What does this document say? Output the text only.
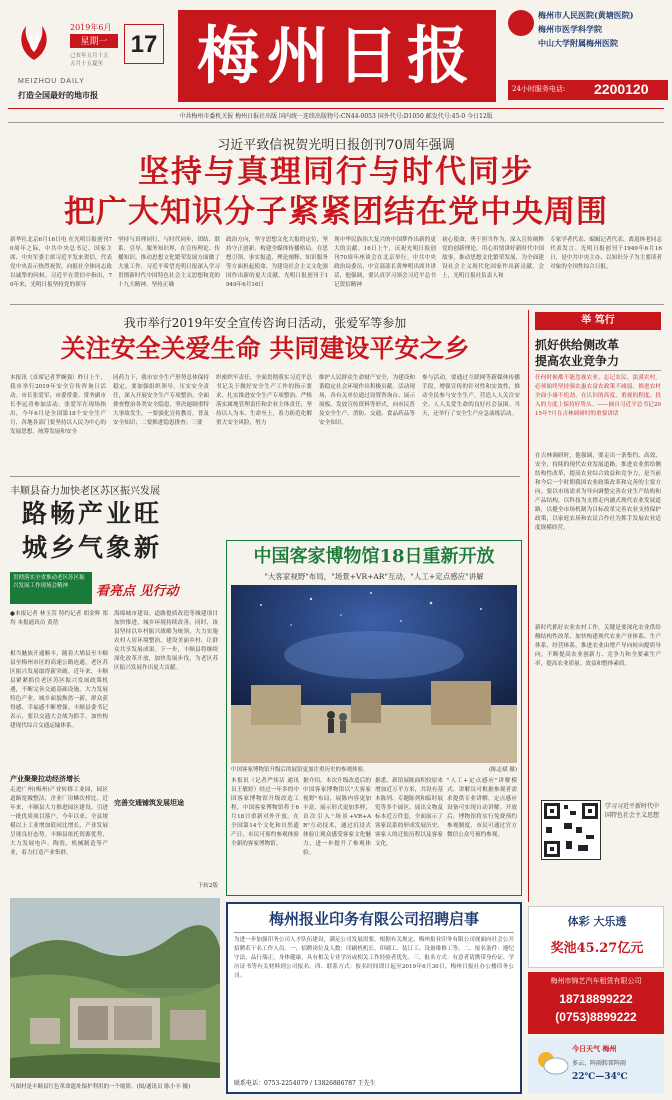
2019年6月
星期一 17
己亥年五月十五
五月十五夏至
MEIZHOU DAILY
打造全国最好的地市报
梅州日报
梅州市人民医院(黄塘医院)
梅州市医学科学院
中山大学附属梅州医院
24小时服务电话: 2200120
中共梅州市委机关报 梅州日报社出版 国内统一连续出版物号:CN44-0053 国外代号:D1050 邮发代号:45-0 今日12版
习近平致信祝贺光明日报创刊70周年强调
坚持与真理同行与时代同步
把广大知识分子紧紧团结在党中央周围
新华社北京6月16日电 在光明日报创刊70周年之际，中共中央总书记、国家主席、中央军委主席习近平发来贺信，代表党中央表示热烈祝贺，向报社全体同志致以诚挚的问候。习近平在贺信中指出，70年来，光明日报坚持党的领导
坚持与真理同行、与时代同步，团结、联系、引导、服务知识界，在宣传理论、传播知识、推动思想文化繁荣发展方面做了大量工作。习近平希望光明日报深入学习贯彻新时代中国特色社会主义思想和党的十九大精神，坚持正确
政治方向，坚守思想文化大报的定位，坚持守正创新，构建全媒体传播格局，在思想引领、事实报道、理论阐释、知识服务等方面担起使命，为建设社会主义文化强国作出新的更大贡献。光明日报创刊于1949年6月16日
现中华民族伟大复兴的中国梦作出新的更大的贡献。16日上午，庆祝光明日报创刊70周年座谈会在北京举行。中共中央政治局委员、中宣部部长黄坤明出席并讲话，他强调，要认真学习领会习近平总书记贺信精神
初心使命，勇于担当作为，深入宣传阐释党的创新理论，用心用情讲好新时代中国故事，推动思想文化繁荣发展，为全面建设社会主义现代化国家作出新贡献。会上，光明日报社负责人和
专家学者代表、编辑记者代表、离退休老同志代表发言。光明日报创刊于1949年6月16日，是中共中央主办、以知识分子为主要读者对象的全国性综合日报。
我市举行2019年安全宣传咨询日活动，张爱军等参加
关注安全关爱生命 共同建设平安之乡
本报讯（首席记者罗婉强）昨日上午，我市举行2019年安全宣传咨询日活动。市长张爱军，市委常委、常务副市长李远青参加活动。张爱军在现场指出，今年6月是全国第18个安全生产月，各地各部门要坚持以人民为中心的发展思想，统筹发展和安全
同药力下，我市安全生产形势总体保持稳定。要加强组织领导，压实安全责任，深入开展安全生产专项整治，全面排查整治各类安全隐患，坚决遏制重特大事故发生。一要强化宣传教育，普及安全知识；二要推进隐患排查；三要
织密织牢责任，全面贯彻落实习近平总书记关于做好安全生产工作的指示要求，扎实推进安全生产专项整治，严格落实属地管理责任和企业主体责任，坚持以人为本、生命至上，着力防范化解重大安全风险，努力
维护人民群众生命财产安全，为建设和谐稳定社会环境作出积极贡献。活动现场，各有关单位通过设置咨询台、展示展板、发放宣传资料等形式，向市民普及安全生产、消防、交通、食品药品等安全知识。
参与活动，要通过互联网等新媒体传播手段，增强宣传的针对性和实效性，推动全民参与安全生产，营造人人关注安全、人人关爱生命的良好社会氛围。当天，还举行了安全生产应急演练活动。
举 笃行
抓好供给侧改革
提高农业竞争力
任何时候都不能忽视农业、忘记农民、淡漠农村。必须始终坚持强农惠农富农政策不减弱、推进农村全面小康不松劲，在认识的高度、重视的程度、投入的力度上保持好势头。——摘自习近平总书记2015年7月在吉林调研时的重要讲话
在吉林调研时，他强调，要走出一条集约、高效、安全、持续的现代农业发展道路。推进农业供给侧结构性改革，提高农业综合效益和竞争力，是当前和今后一个时期我国农业政策改革和完善的主要方向。要以市场需求为导向调整完善农业生产结构和产品结构，以科技为支撑走内涵式现代农业发展道路，以健全市场机制为目标改革完善农业支持保护政策，以家庭农场和农民合作社为抓手发展农业适度规模经营。
新时代抓好农业农村工作，关键是要深化农业供给侧结构性改革，加快构建现代农业产业体系、生产体系、经营体系，推进农业由增产导向转向提质导向，不断提高农业创新力、竞争力和全要素生产率，提高农业质量、效益和整体素质。
学习习近平新时代中国特色社会主义思想
丰顺县奋力加快老区苏区振兴发展
路畅产业旺
城乡气象新
贯彻落实全省推动老区苏区振兴发展工作现场会精神	看亮点 见行动
●本报记者 林玉萱 特约记者 胡金辉 郑均 本报通讯员 黄蓓
相当魅族开通顺丰，随着大埔县至丰顺县至梅州市区的高速公路连通，老区苏区振兴发展取得新突破。近年来，丰顺县紧紧抓住老区苏区振兴发展政策机遇，不断完善交通基础设施，大力发展特色产业，城乡面貌焕然一新，群众获得感、幸福感不断增强。丰顺县委书记表示，要以交通大会战为抓手，加快构建现代综合交通运输体系。
产业聚聚拉动经济增长
走进广州(梅州)产业转移工业园，园区道路宽敞整洁，企业厂房鳞次栉比。近年来，丰顺县大力推进园区建设，引进一批优质项目落户。今年以来，全县规模以上工业增加值同比增长，产业发展呈现良好态势。丰顺县依托资源优势，大力发展电声、陶瓷、机械制造等产业，着力打造产业集群。
海绵城市建设、道路提质改造等城建项目加快推进，城乡环境持续改善。同时，该县坚持以乡村振兴战略为统领，大力实施农村人居环境整治，建设美丽乡村，让群众共享发展成果。下一步，丰顺县将继续深化改革开放，加快发展步伐，为老区苏区振兴发展作出更大贡献。
完善交通铺筑发展坦途
下转2版
马图村是丰顺县红色革命遗址保护利用的一个缩影。(图/通讯员 陈小丰 摄)
中国客家博物馆18日重新开放
"大客家视野"布局，"场景+VR+AR"互动，"人工+定点感应"讲解
中国客家博物馆升级后的展馆更加注重历史的参观体验。	(陈志斌 摄)
本报讯（记者严炜洁 通讯员王敏婷）经过一年多的中国客家博物馆升级改造工程，中国客家博物馆将于6月18日重新对外开放。在全国第14个文化和自然遗产日，市民可预约参观体验全新的客家博物馆。
据介绍，本次升级改造后的中国客家博物馆以"大客家视野"布局，展陈内容更加丰富，展示形式更加多样，首次引入"场景+VR+AR"互动技术，通过沉浸式体验让观众感受客家文化魅力，进一步提升了参观体验。
据悉，新馆展陈面积较原来增加近万平方米，共设有基本陈列、专题陈列和临时展览等多个展区，展出文物及标本近万件套，全面展示了客家民系的形成发展历史、客家人的迁徙历程以及客家文化。
"人工+定点感应"讲解模式，讲解员可根据参观者需求提供专业讲解，定点感应设备可实现自动讲解。开放后，博物馆将实行免费预约参观制度，市民可通过官方微信公众号预约参观。
梅州报业印务有限公司招聘启事
为进一步加强印务公司人才队伍建设，满足公司发展需要，根据有关规定，梅州报业印务有限公司现面向社会公开招聘若干名工作人员。一、招聘岗位及人数：印刷机机长、印刷工、装订工、设备维修工等。二、报名条件：遵纪守法，品行端正，身体健康，具有相关专业学历或相关工作经验者优先。三、报名方式：有意者请携带身份证、学历证书等有关材料到公司报名。四、联系方式：报名时间即日起至2019年6月30日，梅州日报社办公楼印务公司。
联系电话：0753-2254079 / 13826886787 王先生
体彩 大乐透
奖池45.27亿元
梅州市锦艺汽车租赁有限公司
18718899222
(0753)8899222
今日天气 梅州
多云、阵雨转雷阵雨
22℃—34℃
